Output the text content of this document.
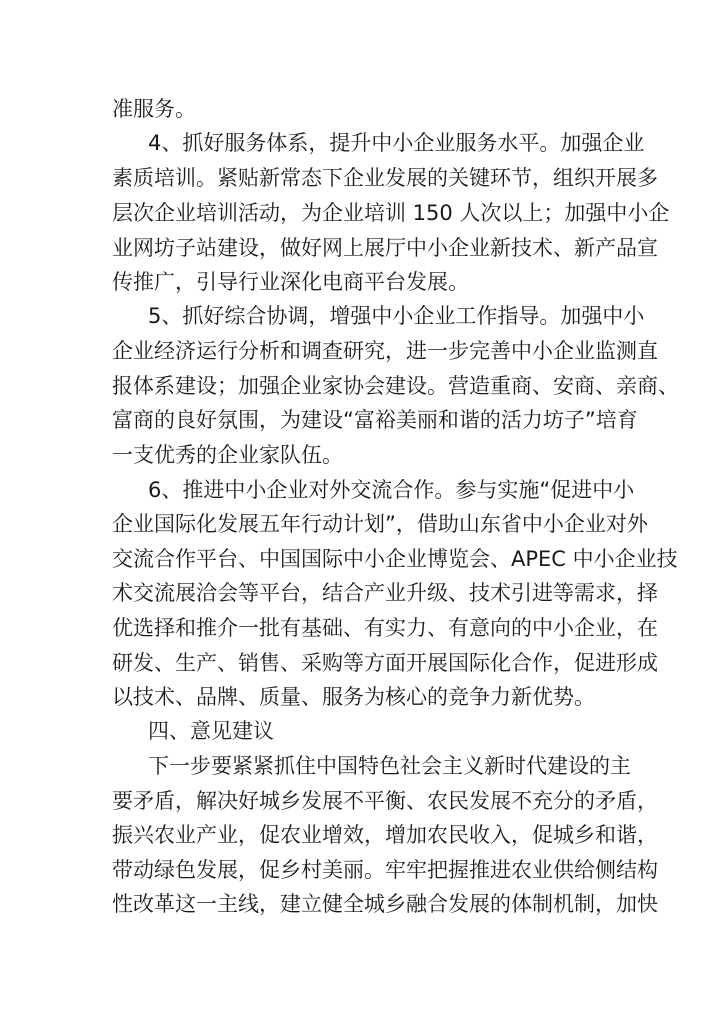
准服务。
4、抓好服务体系，提升中小企业服务水平。加强企业
素质培训。紧贴新常态下企业发展的关键环节，组织开展多
层次企业培训活动，为企业培训 150 人次以上；加强中小企
业网坊子站建设，做好网上展厅中小企业新技术、新产品宣
传推广，引导行业深化电商平台发展。
5、抓好综合协调，增强中小企业工作指导。加强中小
企业经济运行分析和调查研究，进一步完善中小企业监测直
报体系建设；加强企业家协会建设。营造重商、安商、亲商、
富商的良好氛围，为建设“富裕美丽和谐的活力坊子”培育
一支优秀的企业家队伍。
6、推进中小企业对外交流合作。参与实施“促进中小
企业国际化发展五年行动计划”，借助山东省中小企业对外
交流合作平台、中国国际中小企业博览会、APEC 中小企业技
术交流展洽会等平台，结合产业升级、技术引进等需求，择
优选择和推介一批有基础、有实力、有意向的中小企业，在
研发、生产、销售、采购等方面开展国际化合作，促进形成
以技术、品牌、质量、服务为核心的竞争力新优势。
四、意见建议
下一步要紧紧抓住中国特色社会主义新时代建设的主
要矛盾，解决好城乡发展不平衡、农民发展不充分的矛盾，
振兴农业产业，促农业增效，增加农民收入，促城乡和谐，
带动绿色发展，促乡村美丽。牢牢把握推进农业供给侧结构
性改革这一主线，建立健全城乡融合发展的体制机制，加快
